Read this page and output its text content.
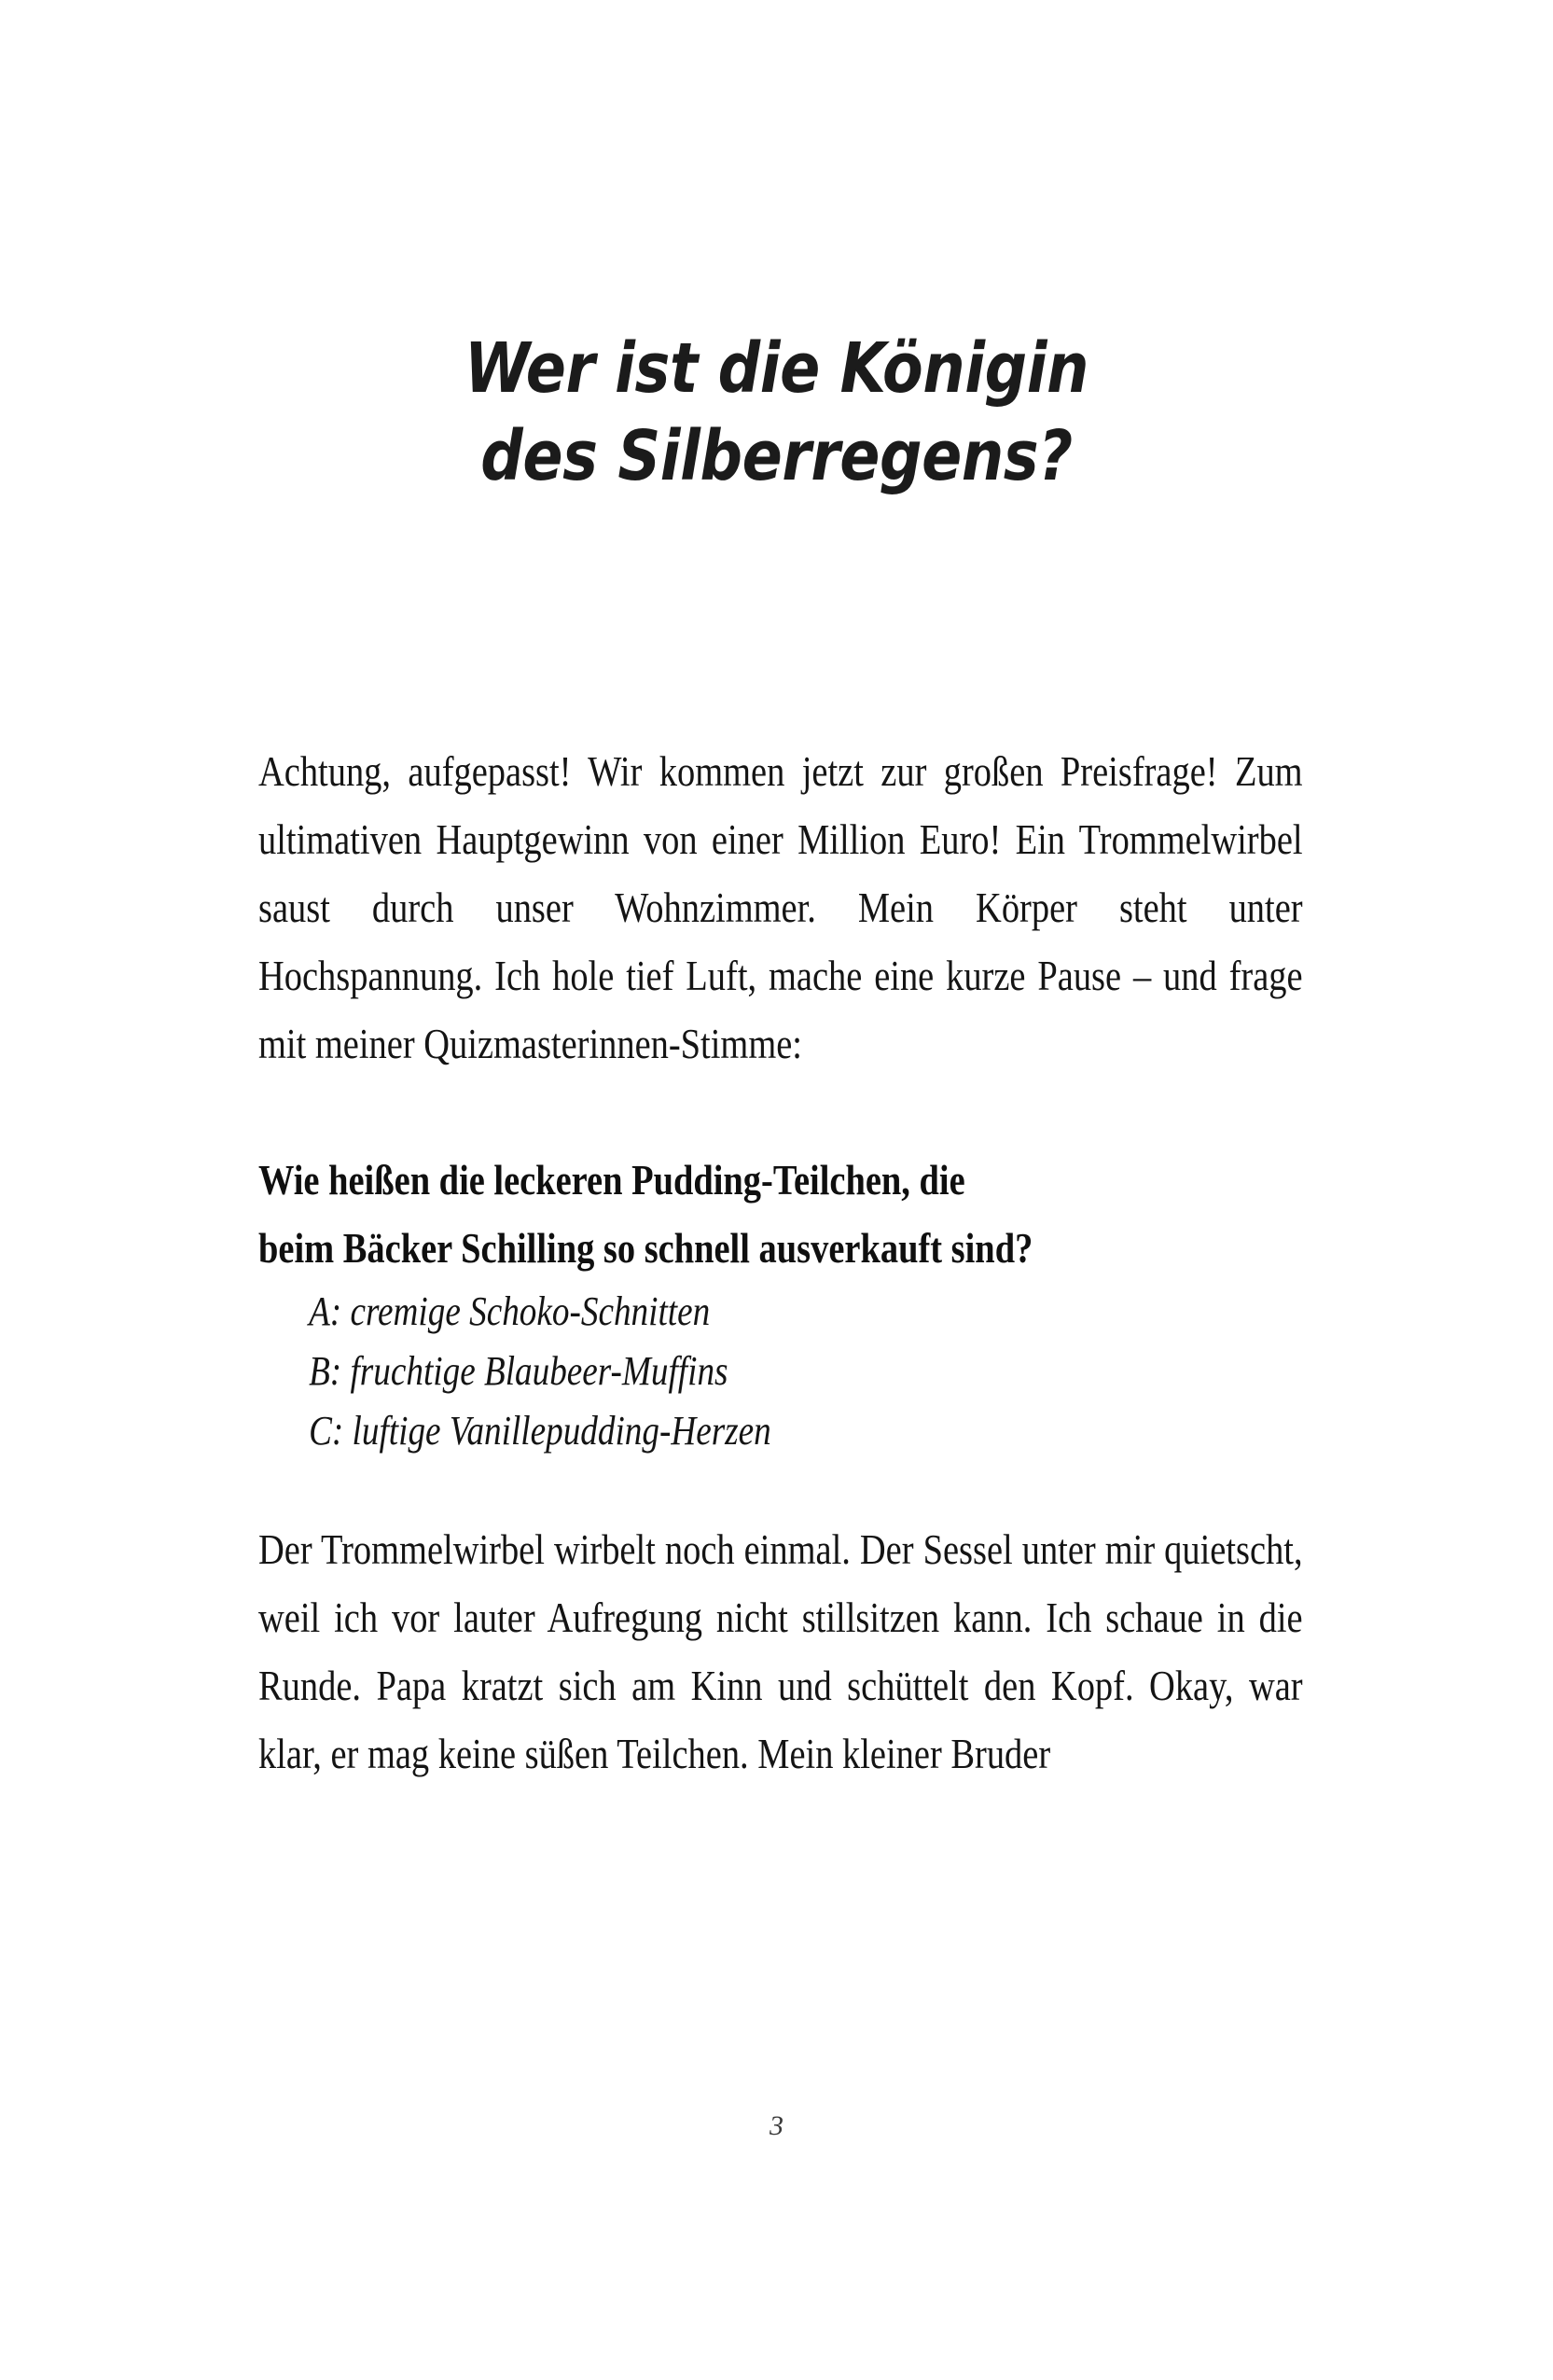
Wer ist die Königin
des Silberregens?

Achtung, aufgepasst! Wir kommen jetzt zur großen Preisfrage! Zum ultimativen Hauptgewinn von einer Million Euro! Ein Trommelwirbel saust durch unser Wohnzimmer. Mein Körper steht unter Hochspannung. Ich hole tief Luft, mache eine kurze Pause – und frage mit meiner Quizmasterinnen-Stimme:

Wie heißen die leckeren Pudding-Teilchen, die
beim Bäcker Schilling so schnell ausverkauft sind?
A: cremige Schoko-Schnitten
B: fruchtige Blaubeer-Muffins
C: luftige Vanillepudding-Herzen

Der Trommelwirbel wirbelt noch einmal. Der Sessel unter mir quietscht, weil ich vor lauter Aufregung nicht stillsitzen kann. Ich schaue in die Runde. Papa kratzt sich am Kinn und schüttelt den Kopf. Okay, war klar, er mag keine süßen Teilchen. Mein kleiner Bruder

3
